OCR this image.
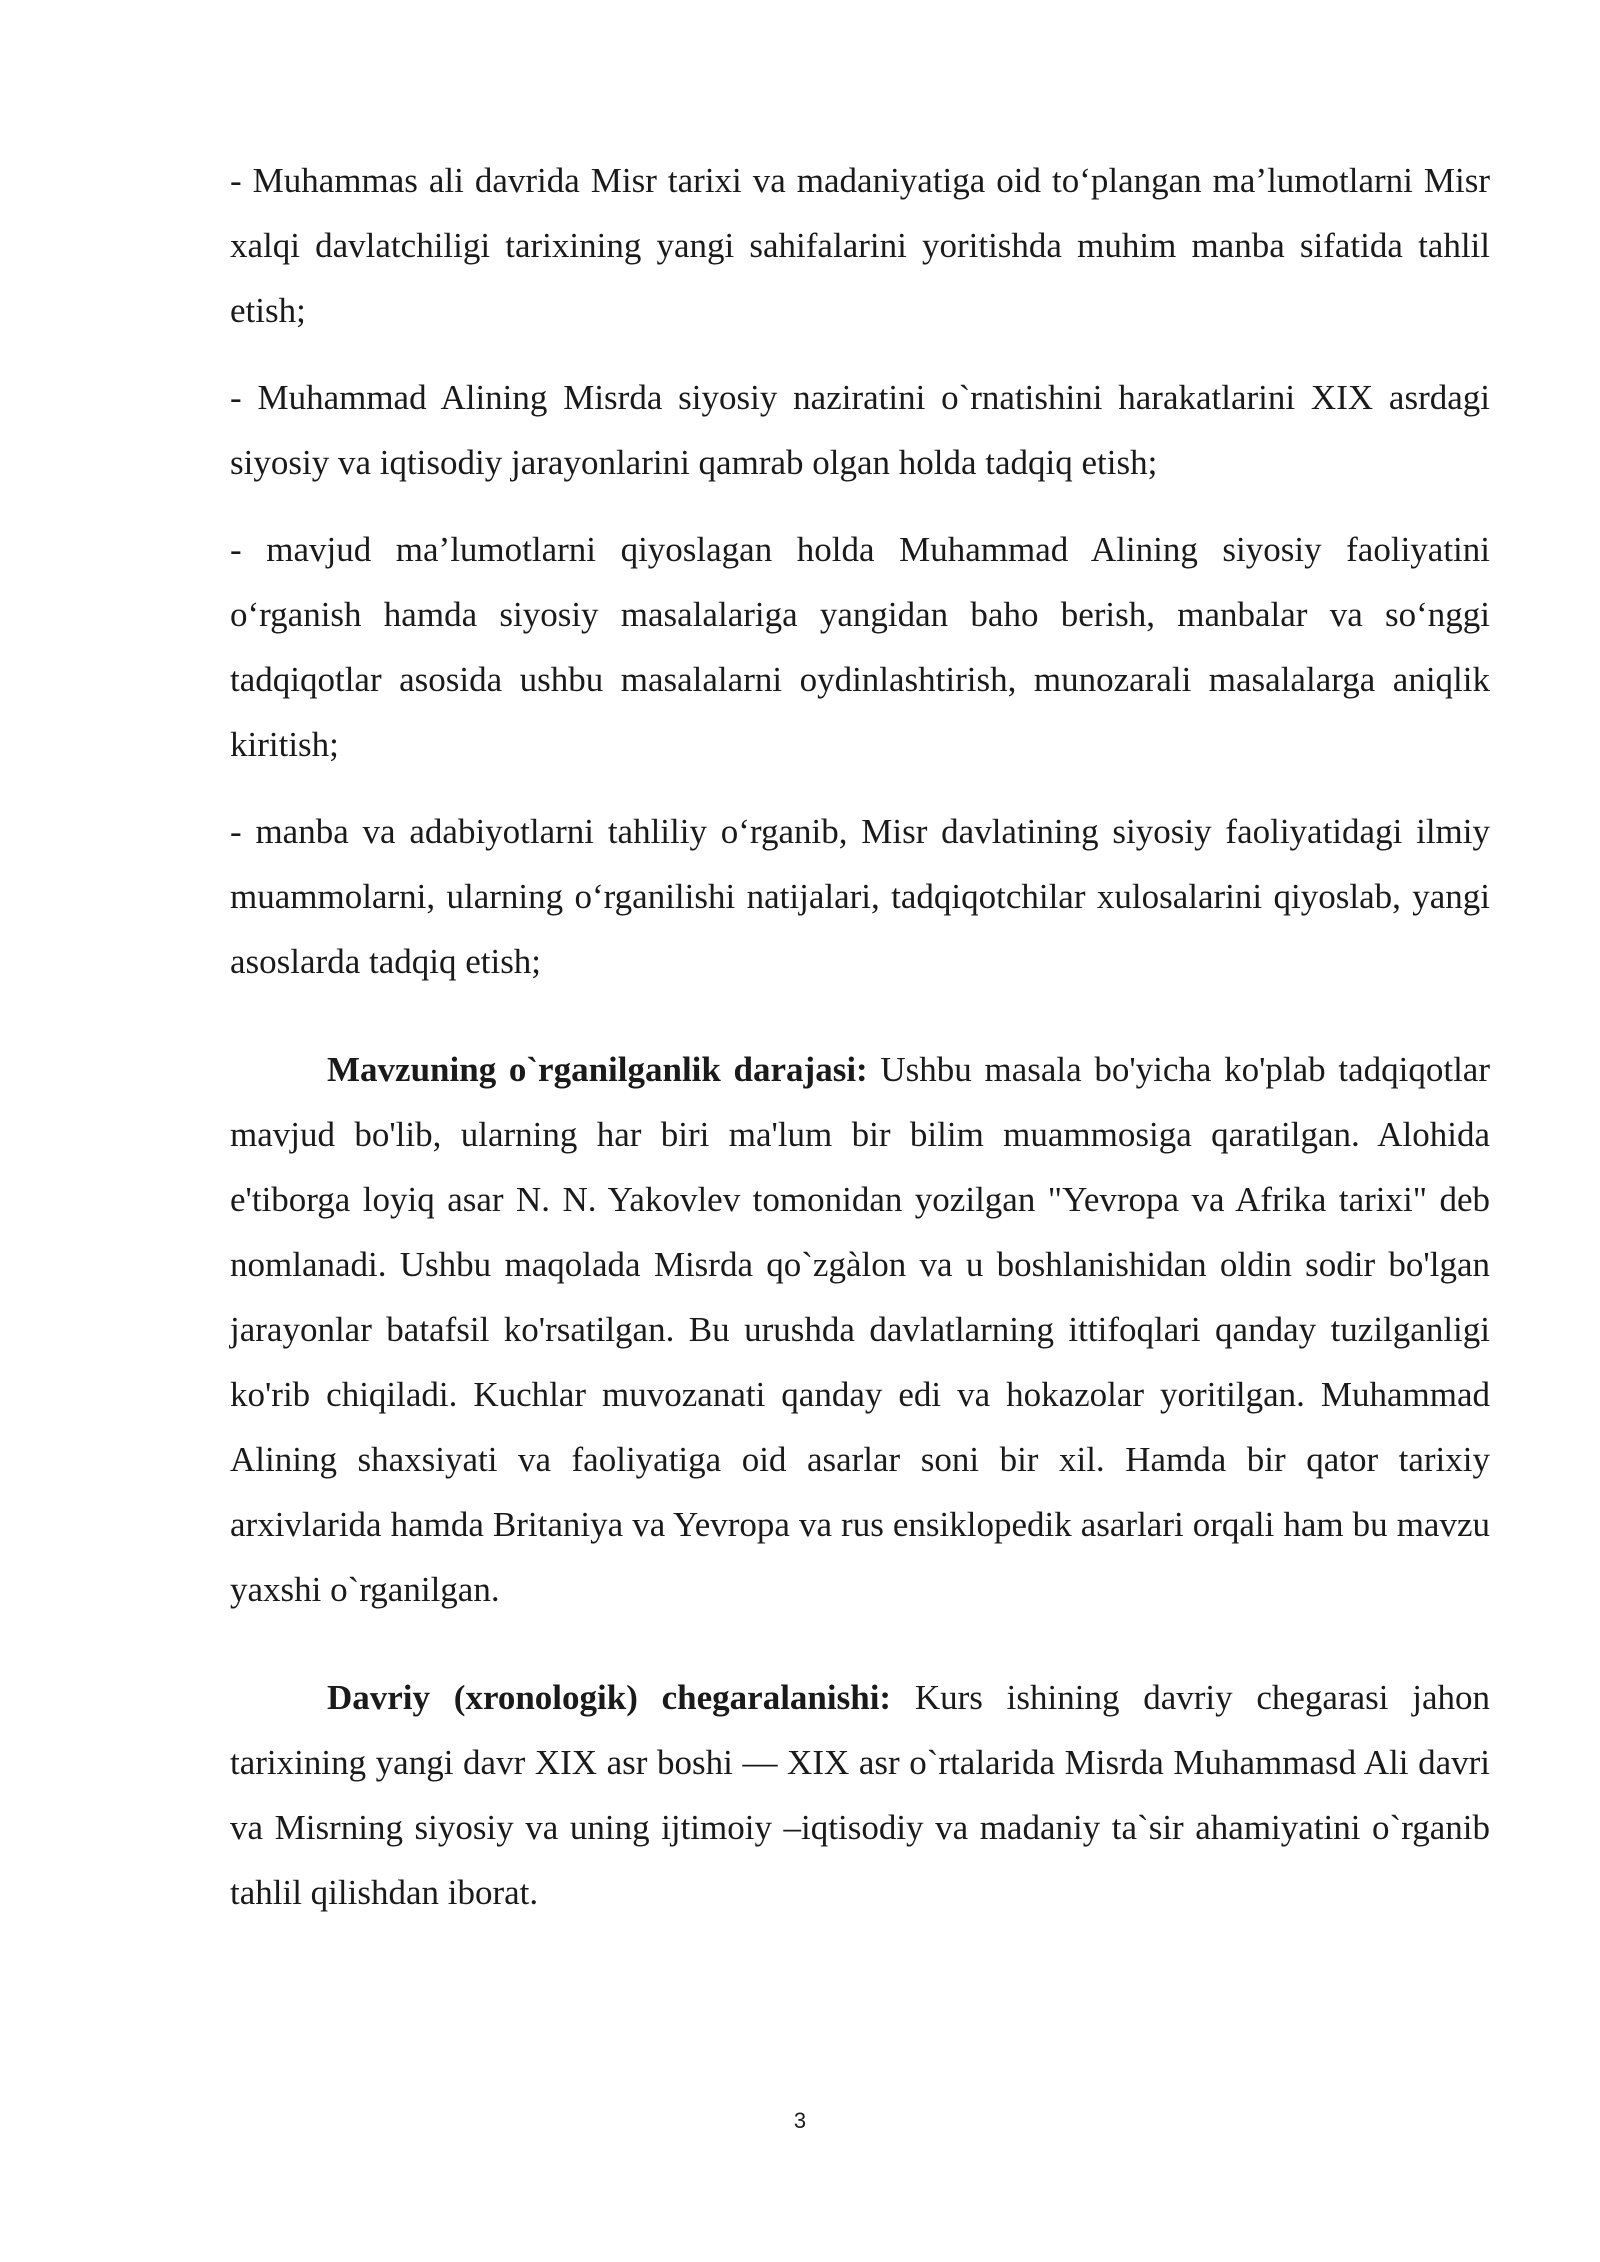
- Muhammas ali davrida Misr tarixi va madaniyatiga oid to‘plangan ma’lumotlarni Misr xalqi davlatchiligi tarixining yangi sahifalarini yoritishda muhim manba sifatida tahlil etish;

- Muhammad Alining Misrda siyosiy naziratini o`rnatishini harakatlarini XIX asrdagi siyosiy va iqtisodiy jarayonlarini qamrab olgan holda tadqiq etish;

- mavjud ma’lumotlarni qiyoslagan holda Muhammad Alining siyosiy faoliyatini o‘rganish hamda siyosiy masalalariga yangidan baho berish, manbalar va so‘nggi tadqiqotlar asosida ushbu masalalarni oydinlashtirish, munozarali masalalarga aniqlik kiritish;

- manba va adabiyotlarni tahliliy o‘rganib, Misr davlatining siyosiy faoliyatidagi ilmiy muammolarni, ularning o‘rganilishi natijalari, tadqiqotchilar xulosalarini qiyoslab, yangi asoslarda tadqiq etish;

Mavzuning o`rganilganlik darajasi: Ushbu masala bo'yicha ko'plab tadqiqotlar mavjud bo'lib, ularning har biri ma'lum bir bilim muammosiga qaratilgan. Alohida e'tiborga loyiq asar N. N. Yakovlev tomonidan yozilgan "Yevropa va Afrika tarixi" deb nomlanadi. Ushbu maqolada Misrda qo`zgàlon va u boshlanishidan oldin sodir bo'lgan jarayonlar batafsil ko'rsatilgan. Bu urushda davlatlarning ittifoqlari qanday tuzilganligi ko'rib chiqiladi. Kuchlar muvozanati qanday edi va hokazolar yoritilgan. Muhammad Alining shaxsiyati va faoliyatiga oid asarlar soni bir xil. Hamda bir qator tarixiy arxivlarida hamda Britaniya va Yevropa va rus ensiklopedik asarlari orqali ham bu mavzu yaxshi o`rganilgan.

Davriy (xronologik) chegaralanishi: Kurs ishining davriy chegarasi jahon tarixining yangi davr XIX asr boshi — XIX asr o`rtalarida Misrda Muhammasd Ali davri va Misrning siyosiy va uning ijtimoiy –iqtisodiy va madaniy ta`sir ahamiyatini o`rganib tahlil qilishdan iborat.

3
